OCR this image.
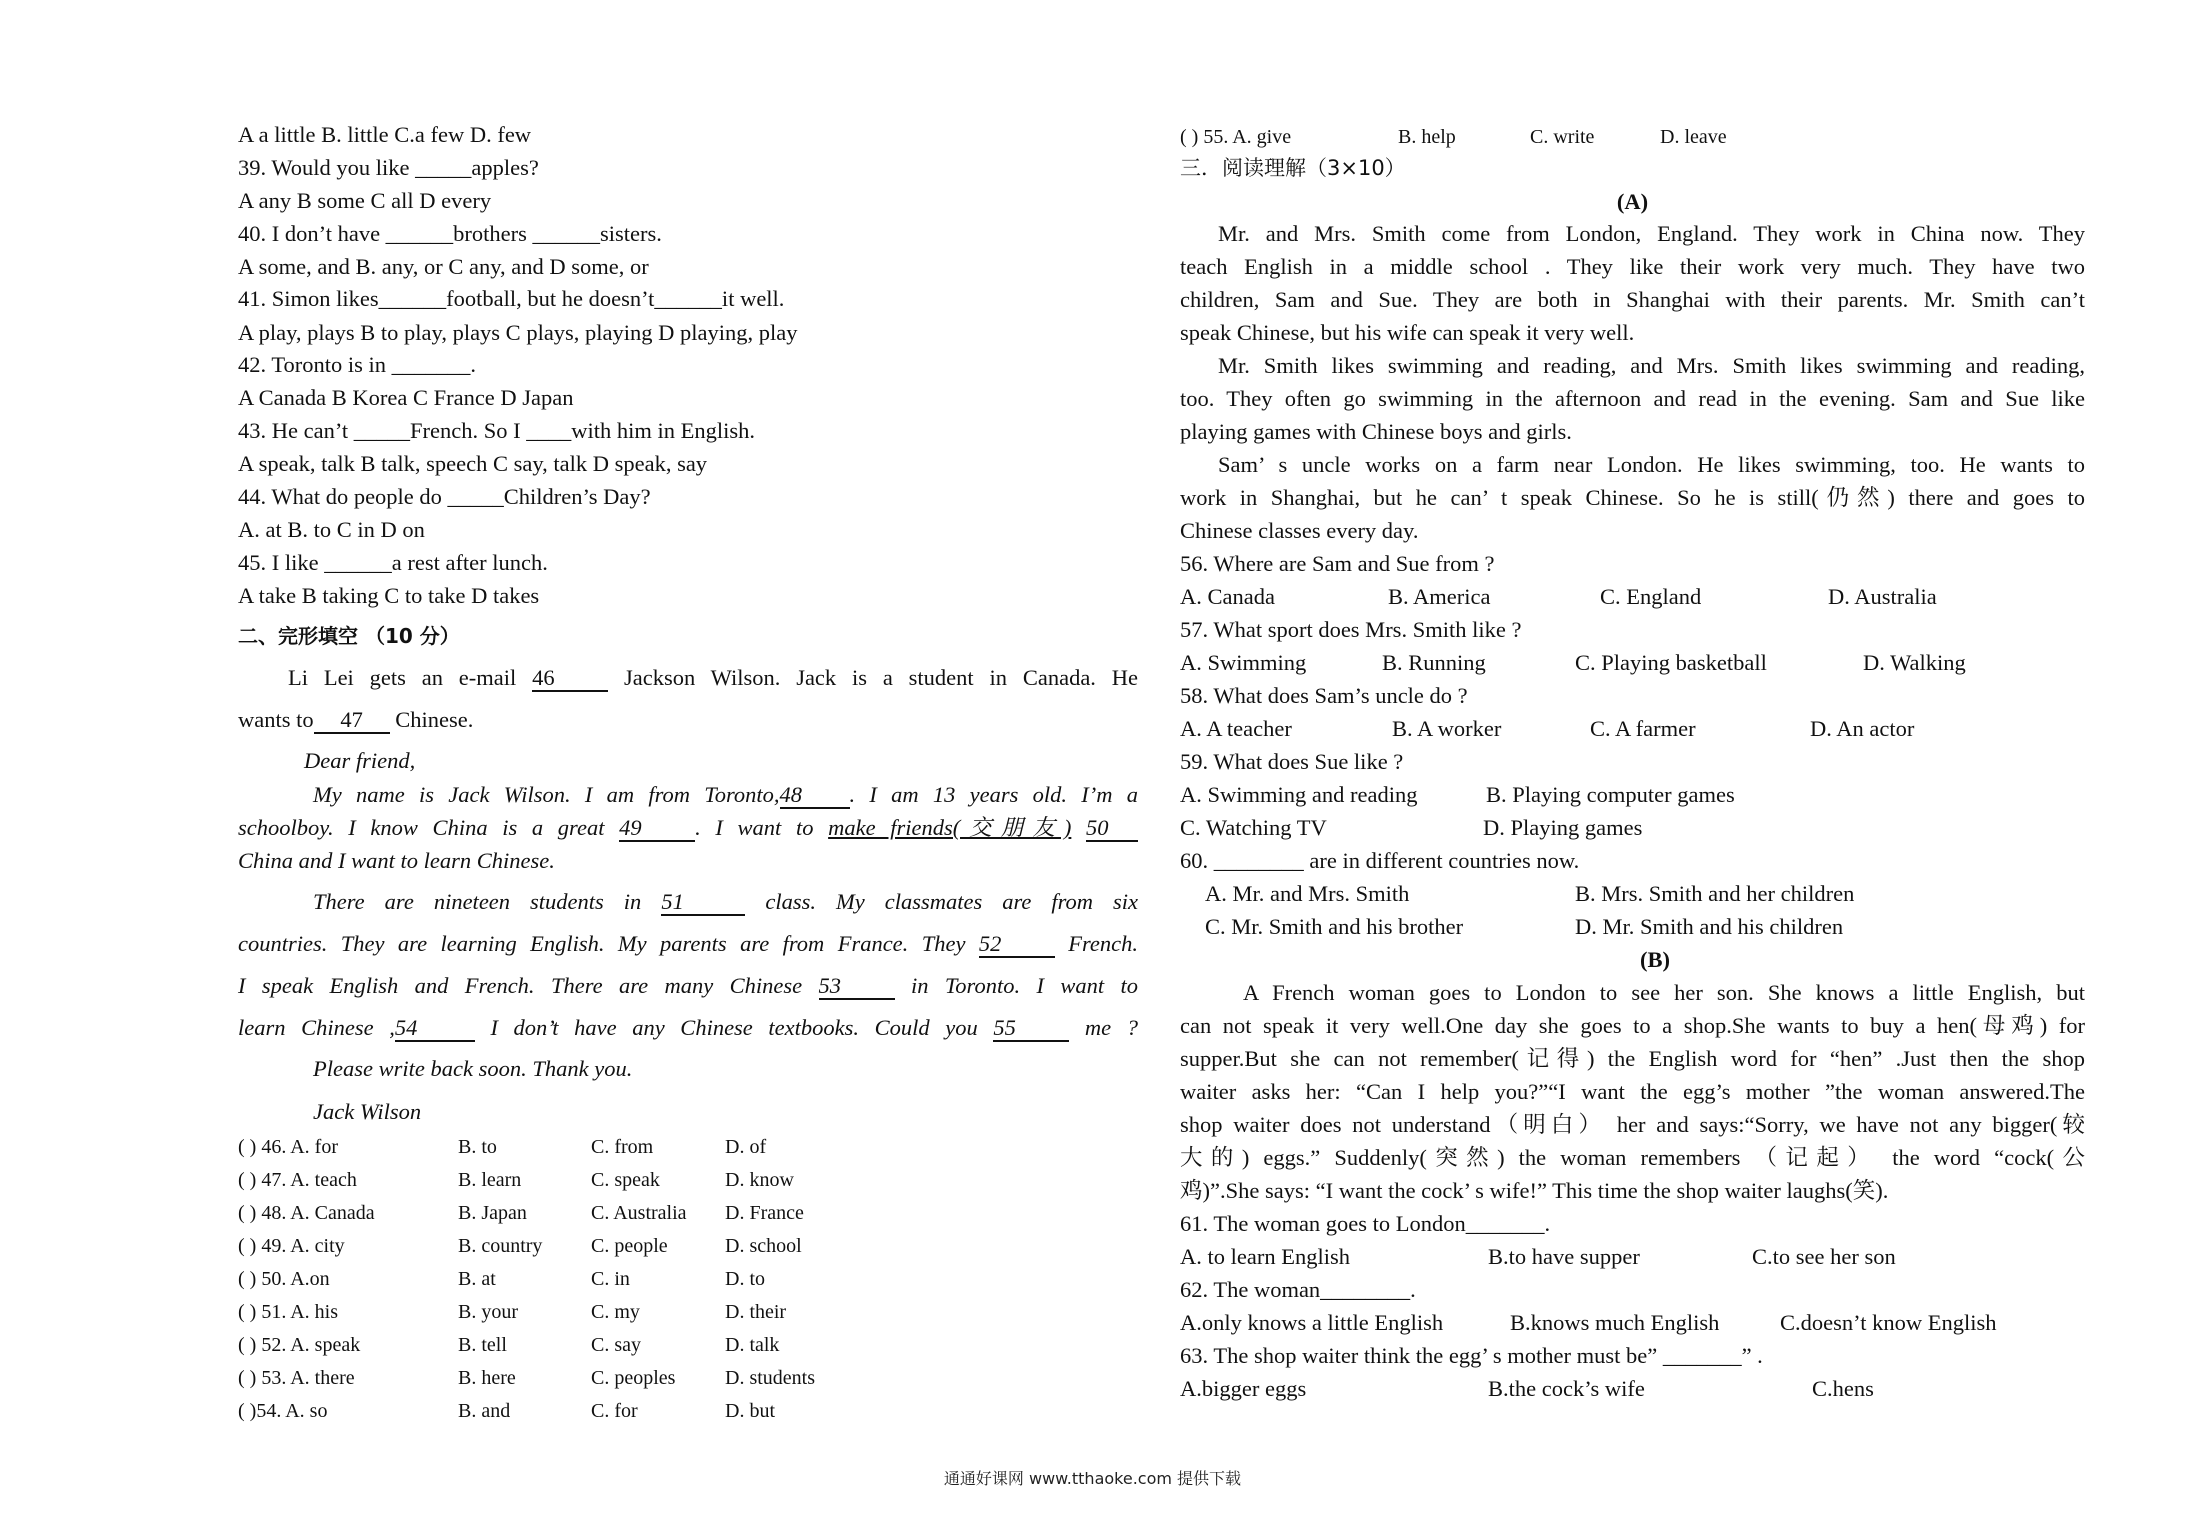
A a little B. little C.a few D. few
39. Would you like _____apples?
A any B some C all D every
40. I don’t have ______brothers ______sisters.
A some, and B. any, or C any, and D some, or
41. Simon likes______football, but he doesn’t______it well.
A play, plays B to play, plays C plays, playing D playing, play
42. Toronto is in _______.
A Canada B Korea C France D Japan
43. He can’t _____French. So I ____with him in English.
A speak, talk B talk, speech C say, talk D speak, say
44. What do people do _____Children’s Day?
A. at B. to C in D on
45. I like ______a rest after lunch.
A take B taking C to take D takes
二、完形填空 （10 分）
Li Lei gets an e-mail 46	Jackson Wilson. Jack is a student in Canada. He
wants to 47 Chinese.
Dear friend,
My name is Jack Wilson. I am from Toronto,48 . I am 13 years old. I’m a
schoolboy. I know China is a great 49 . I want to make friends(交朋友) 50
China and I want to learn Chinese.
There are nineteen students in 51	class. My classmates are from six
countries. They are learning English. My parents are from France. They 52	French.
I speak English and French. There are many Chinese 53	in Toronto. I want to
learn Chinese ,54	I don’t have any Chinese textbooks. Could you 55	me ?
Please write back soon. Thank you.
Jack Wilson
( ) 46. A. for	B. to	C. from	D. of
( ) 47. A. teach	B. learn	C. speak	D. know
( ) 48. A. Canada	B. Japan	C. Australia D. France
( ) 49. A. city	B. country C. people	D. school
( ) 50. A.on	B. at	C. in	D. to
( ) 51. A. his	B. your	C. my	D. their
( ) 52. A. speak	B. tell	C. say	D. talk
( ) 53. A. there	B. here	C. peoples D. students
( )54. A. so	B. and	C. for	D. but
( ) 55. A. give	B. help	C. write	D. leave
三．阅读理解（3×10）
(A)
Mr. and Mrs. Smith come from London, England. They work in China now. They
teach English in a middle school . They like their work very much. They have two
children, Sam and Sue. They are both in Shanghai with their parents. Mr. Smith can’t
speak Chinese, but his wife can speak it very well.
Mr. Smith likes swimming and reading, and Mrs. Smith likes swimming and reading,
too. They often go swimming in the afternoon and read in the evening. Sam and Sue like
playing games with Chinese boys and girls.
Sam’ s uncle works on a farm near London. He likes swimming, too. He wants to
work in Shanghai, but he can’ t speak Chinese. So he is still(仍然) there and goes to
Chinese classes every day.
56. Where are Sam and Sue from ?
A. Canada	B. America	C. England	D. Australia
57. What sport does Mrs. Smith like ?
A. Swimming	B. Running	C. Playing basketball	D. Walking
58. What does Sam’s uncle do ?
A. A teacher	B. A worker	C. A farmer	D. An actor
59. What does Sue like ?
A. Swimming and reading	B. Playing computer games
C. Watching TV	D. Playing games
60. ________ are in different countries now.
A. Mr. and Mrs. Smith	B. Mrs. Smith and her children
C. Mr. Smith and his brother	D. Mr. Smith and his children
(B)
A French woman goes to London to see her son. She knows a little English, but
can not speak it very well.One day she goes to a shop.She wants to buy a hen(母鸡) for
supper.But she can not remember(记得) the English word for “hen” .Just then the shop
waiter asks her: “Can I help you?”“I want the egg’s mother ”the woman answered.The
shop waiter does not understand（明白） her and says:“Sorry, we have not any bigger(较
大的) eggs.” Suddenly(突然) the woman remembers （记起） the word “cock(公
鸡)”.She says: “I want the cock’ s wife!” This time the shop waiter laughs(笑).
61. The woman goes to London_______.
A. to learn English	B.to have supper	C.to see her son
62. The woman________.
A.only knows a little English	B.knows much English	C.doesn’t know English
63. The shop waiter think the egg’ s mother must be” _______” .
A.bigger eggs	B.the cock’s wife	C.hens
通通好课网 www.tthaoke.com 提供下载
